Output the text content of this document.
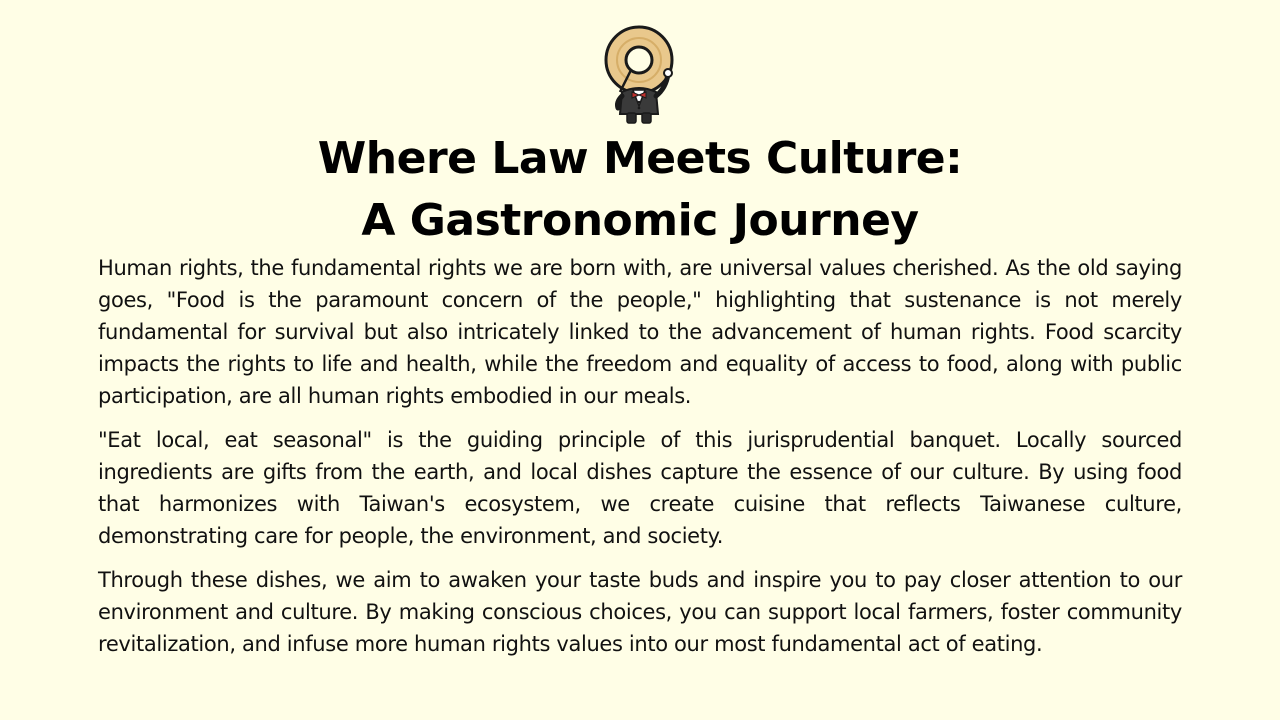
Where Law Meets Culture:
A Gastronomic Journey

Human rights, the fundamental rights we are born with, are universal values cherished. As the old saying goes, "Food is the paramount concern of the people," highlighting that sustenance is not merely fundamental for survival but also intricately linked to the advancement of human rights. Food scarcity impacts the rights to life and health, while the freedom and equality of access to food, along with public participation, are all human rights embodied in our meals.

"Eat local, eat seasonal" is the guiding principle of this jurisprudential banquet. Locally sourced ingredients are gifts from the earth, and local dishes capture the essence of our culture. By using food that harmonizes with Taiwan's ecosystem, we create cuisine that reflects Taiwanese culture, demonstrating care for people, the environment, and society.

Through these dishes, we aim to awaken your taste buds and inspire you to pay closer attention to our environment and culture. By making conscious choices, you can support local farmers, foster community revitalization, and infuse more human rights values into our most fundamental act of eating.
